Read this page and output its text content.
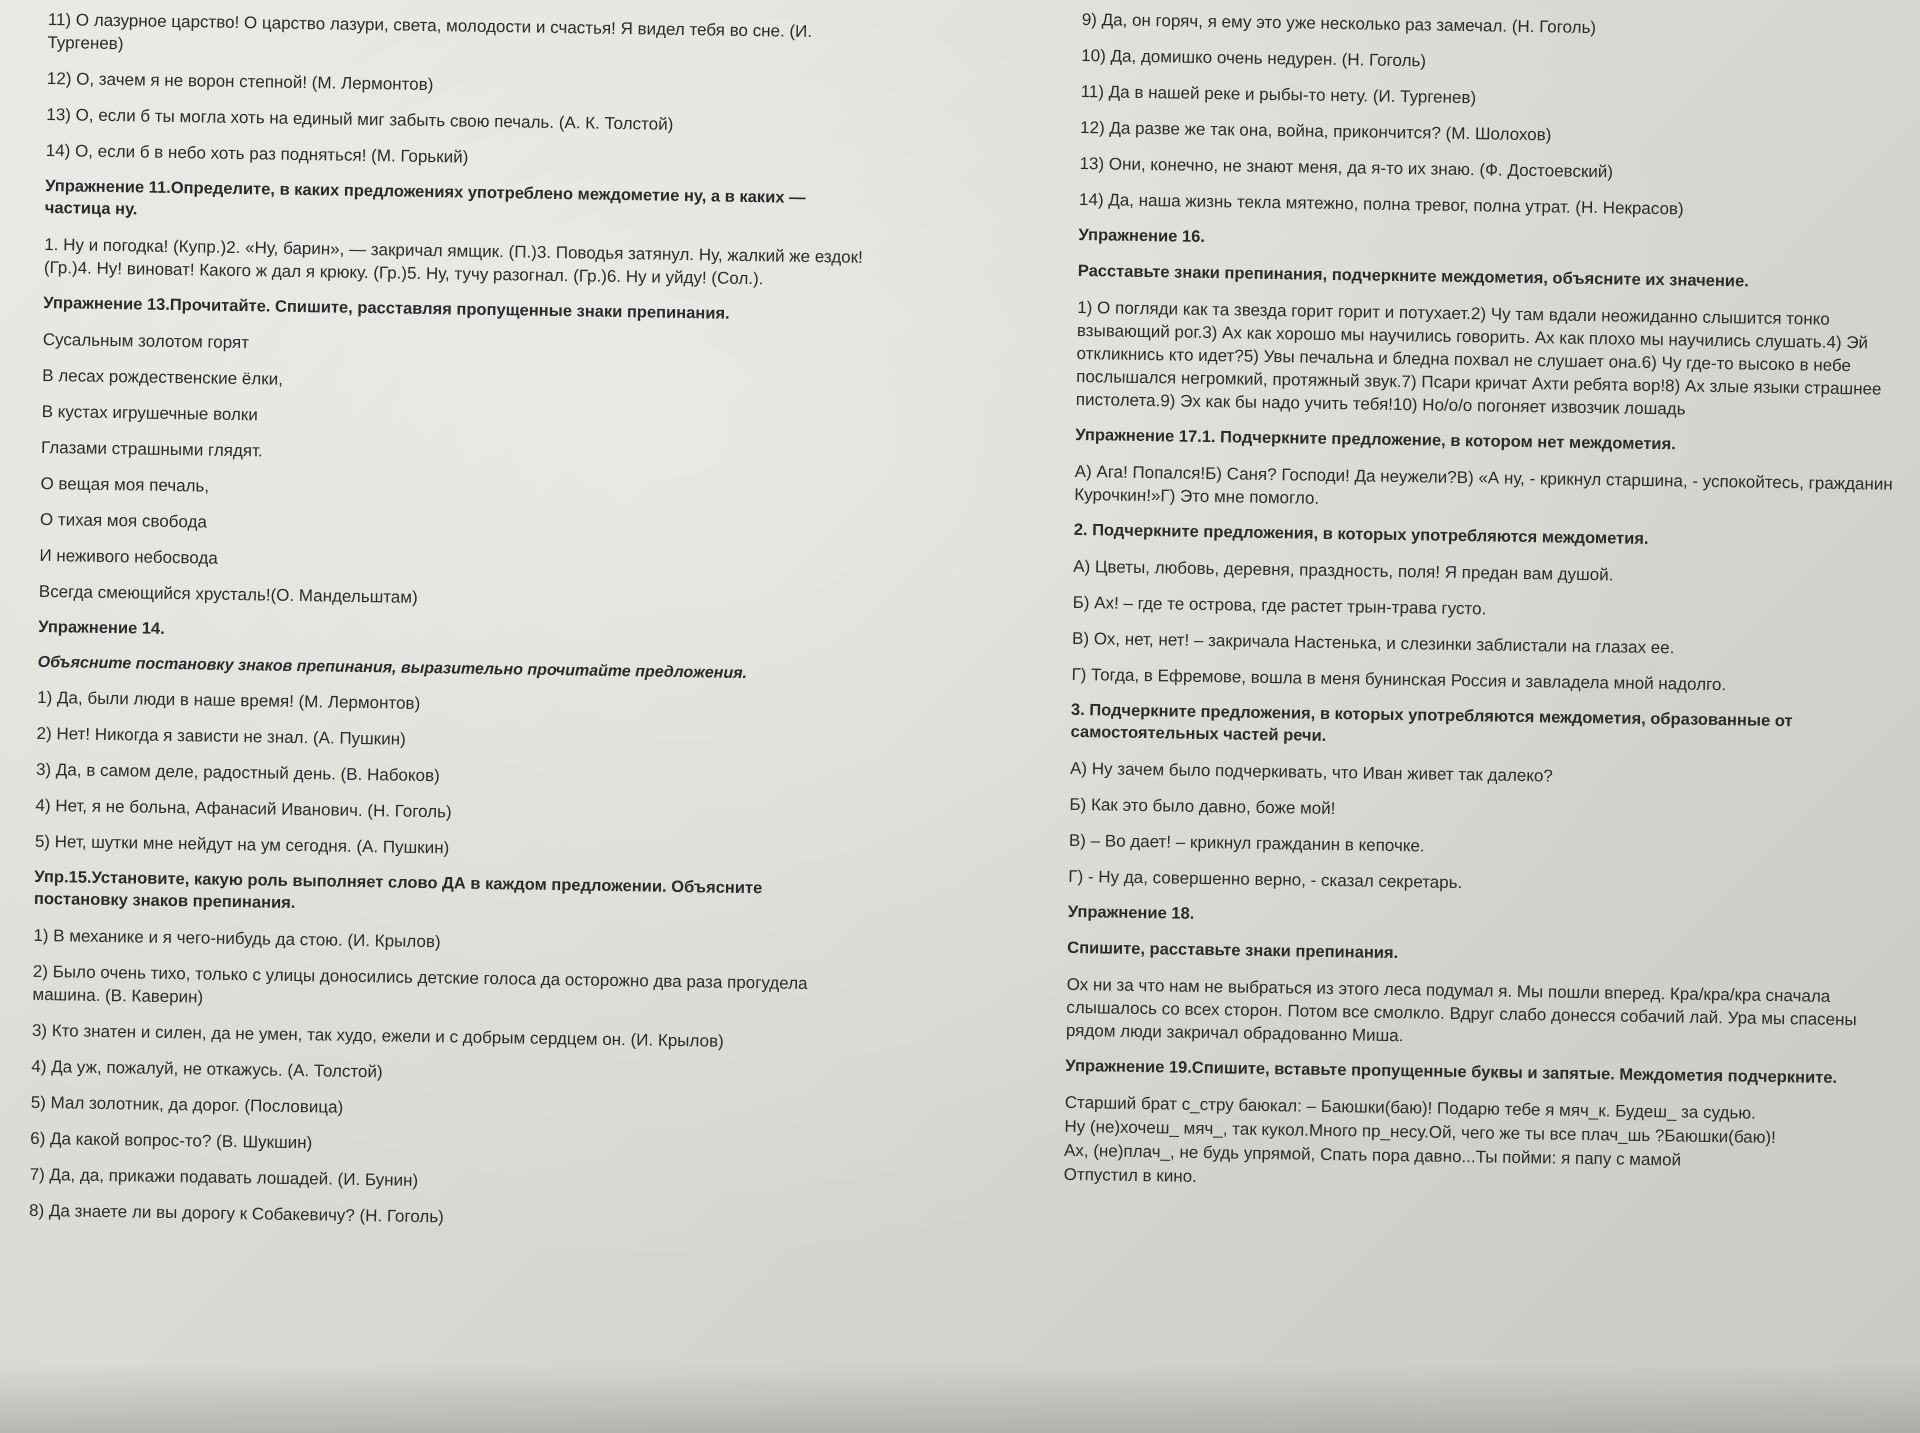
11) О лазурное царство! О царство лазури, света, молодости и счастья! Я видел тебя во сне. (И. Тургенев)
12) О, зачем я не ворон степной! (М. Лермонтов)
13) О, если б ты могла хоть на единый миг забыть свою печаль. (А. К. Толстой)
14) О, если б в небо хоть раз подняться! (М. Горький)
Упражнение 11.Определите, в каких предложениях употреблено междометие ну, а в каких — частица ну.
1. Ну и погодка! (Купр.)2. «Ну, барин», — закричал ямщик. (П.)3. Поводья затянул. Ну, жалкий же ездок! (Гр.)4. Ну! виноват! Какого ж дал я крюку. (Гр.)5. Ну, тучу разогнал. (Гр.)6. Ну и уйду! (Сол.).
Упражнение 13.Прочитайте. Спишите, расставляя пропущенные знаки препинания.
Сусальным золотом горят
В лесах рождественские ёлки,
В кустах игрушечные волки
Глазами страшными глядят.
О вещая моя печаль,
О тихая моя свобода
И неживого небосвода
Всегда смеющийся хрусталь!(О. Мандельштам)
Упражнение 14.
Объясните постановку знаков препинания, выразительно прочитайте предложения.
1) Да, были люди в наше время! (М. Лермонтов)
2) Нет! Никогда я зависти не знал. (А. Пушкин)
3) Да, в самом деле, радостный день. (В. Набоков)
4) Нет, я не больна, Афанасий Иванович. (Н. Гоголь)
5) Нет, шутки мне нейдут на ум сегодня. (А. Пушкин)
Упр.15.Установите, какую роль выполняет слово ДА в каждом предложении. Объясните постановку знаков препинания.
1) В механике и я чего-нибудь да стою. (И. Крылов)
2) Было очень тихо, только с улицы доносились детские голоса да осторожно два раза прогудела машина. (В. Каверин)
3) Кто знатен и силен, да не умен, так худо, ежели и с добрым сердцем он. (И. Крылов)
4) Да уж, пожалуй, не откажусь. (А. Толстой)
5) Мал золотник, да дорог. (Пословица)
6) Да какой вопрос-то? (В. Шукшин)
7) Да, да, прикажи подавать лошадей. (И. Бунин)
8) Да знаете ли вы дорогу к Собакевичу? (Н. Гоголь)
9) Да, он горяч, я ему это уже несколько раз замечал. (Н. Гоголь)
10) Да, домишко очень недурен. (Н. Гоголь)
11) Да в нашей реке и рыбы-то нету. (И. Тургенев)
12) Да разве же так она, война, прикончится? (М. Шолохов)
13) Они, конечно, не знают меня, да я-то их знаю. (Ф. Достоевский)
14) Да, наша жизнь текла мятежно, полна тревог, полна утрат. (Н. Некрасов)
Упражнение 16.
Расставьте знаки препинания, подчеркните междометия, объясните их значение.
1) О погляди как та звезда горит горит и потухает.2) Чу там вдали неожиданно слышится тонко взывающий рог.3) Ах как хорошо мы научились говорить. Ах как плохо мы научились слушать.4) Эй откликнись кто идет?5) Увы печальна и бледна похвал не слушает она.6) Чу где-то высоко в небе послышался негромкий, протяжный звук.7) Псари кричат Ахти ребята вор!8) Ах злые языки страшнее пистолета.9) Эх как бы надо учить тебя!10) Но/о/о погоняет извозчик лошадь
Упражнение 17.1. Подчеркните предложение, в котором нет междометия.
А) Ага! Попался!Б) Саня? Господи! Да неужели?В) «А ну, - крикнул старшина, - успокойтесь, гражданин Курочкин!»Г) Это мне помогло.
2. Подчеркните предложения, в которых употребляются междометия.
А) Цветы, любовь, деревня, праздность, поля! Я предан вам душой.
Б) Ах! – где те острова, где растет трын-трава густо.
В) Ох, нет, нет! – закричала Настенька, и слезинки заблистали на глазах ее.
Г) Тогда, в Ефремове, вошла в меня бунинская Россия и завладела мной надолго.
3. Подчеркните предложения, в которых употребляются междометия, образованные от самостоятельных частей речи.
А) Ну зачем было подчеркивать, что Иван живет так далеко?
Б) Как это было давно, боже мой!
В) – Во дает! – крикнул гражданин в кепочке.
Г) - Ну да, совершенно верно, - сказал секретарь.
Упражнение 18.
Спишите, расставьте знаки препинания.
Ох ни за что нам не выбраться из этого леса подумал я. Мы пошли вперед. Кра/кра/кра сначала слышалось со всех сторон. Потом все смолкло. Вдруг слабо донесся собачий лай. Ура мы спасены рядом люди закричал обрадованно Миша.
Упражнение 19.Спишите, вставьте пропущенные буквы и запятые. Междометия подчеркните.
Старший брат с_стру баюкал: – Баюшки(баю)! Подарю тебе я мяч_к. Будеш_ за судью.
Ну (не)хочеш_ мяч_, так кукол.Много пр_несу.Ой, чего же ты все плач_шь ?Баюшки(баю)!
Ах, (не)плач_, не будь упрямой, Спать пора давно...Ты пойми: я папу с мамой
Отпустил в кино.
